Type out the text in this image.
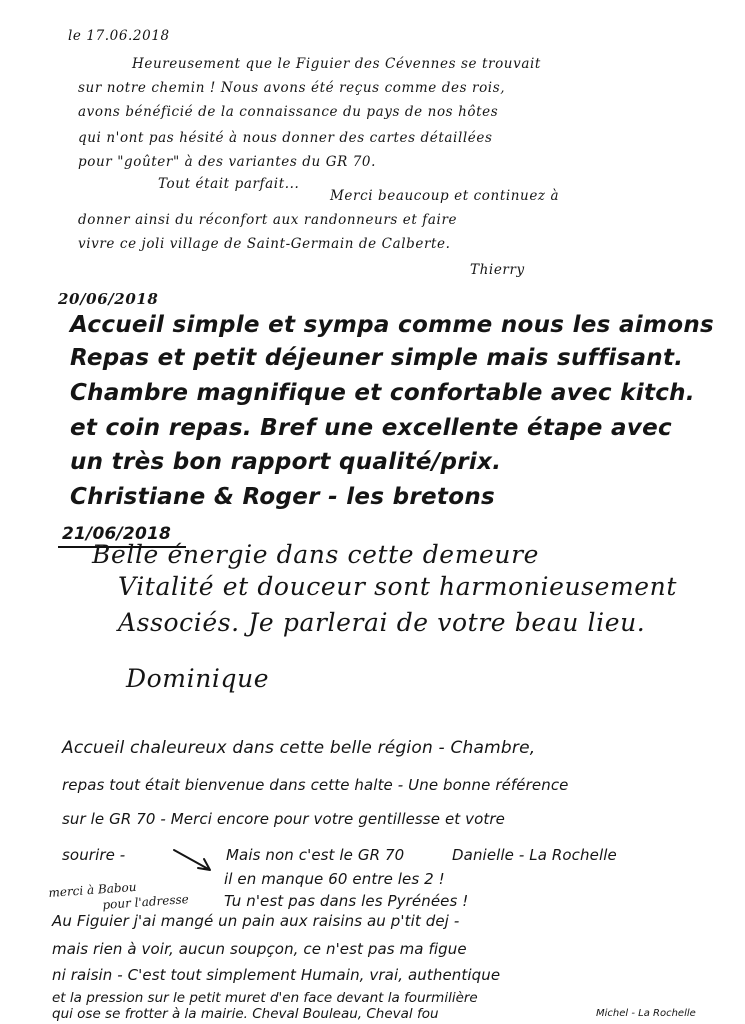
le 17.06.2018
Heureusement que le Figuier des Cévennes se trouvait
sur notre chemin ! Nous avons été reçus comme des rois,
avons bénéficié de la connaissance du pays de nos hôtes
qui n'ont pas hésité à nous donner des cartes détaillées
pour "goûter" à des variantes du GR 70.
Tout était parfait...
Merci beaucoup et continuez à
donner ainsi du réconfort aux randonneurs et faire
vivre ce joli village de Saint-Germain de Calberte.
Thierry
20/06/2018
Accueil simple et sympa comme nous les aimons
Repas et petit déjeuner simple mais suffisant.
Chambre magnifique et confortable avec kitch.
et coin repas. Bref une excellente étape avec
un très bon rapport qualité/prix.
Christiane & Roger - les bretons
21/06/2018
Belle énergie dans cette demeure
Vitalité et douceur sont harmonieusement
Associés. Je parlerai de votre beau lieu.
Dominique
Accueil chaleureux dans cette belle région - Chambre,
repas tout était bienvenue dans cette halte - Une bonne référence
sur le GR 70 - Merci encore pour votre gentillesse et votre
sourire -	Mais non c'est le GR 70	Danielle - La Rochelle
il en manque 60 entre les 2 !
Tu n'est pas dans les Pyrénées !
merci à Babou
pour l'adresse
Au Figuier j'ai mangé un pain aux raisins au p'tit dej -
mais rien à voir, aucun soupçon, ce n'est pas ma figue
ni raisin - C'est tout simplement Humain, vrai, authentique
et la pression sur le petit muret d'en face devant la fourmilière
qui ose se frotter à la mairie. Cheval Bouleau, Cheval fou	Michel - La Rochelle
